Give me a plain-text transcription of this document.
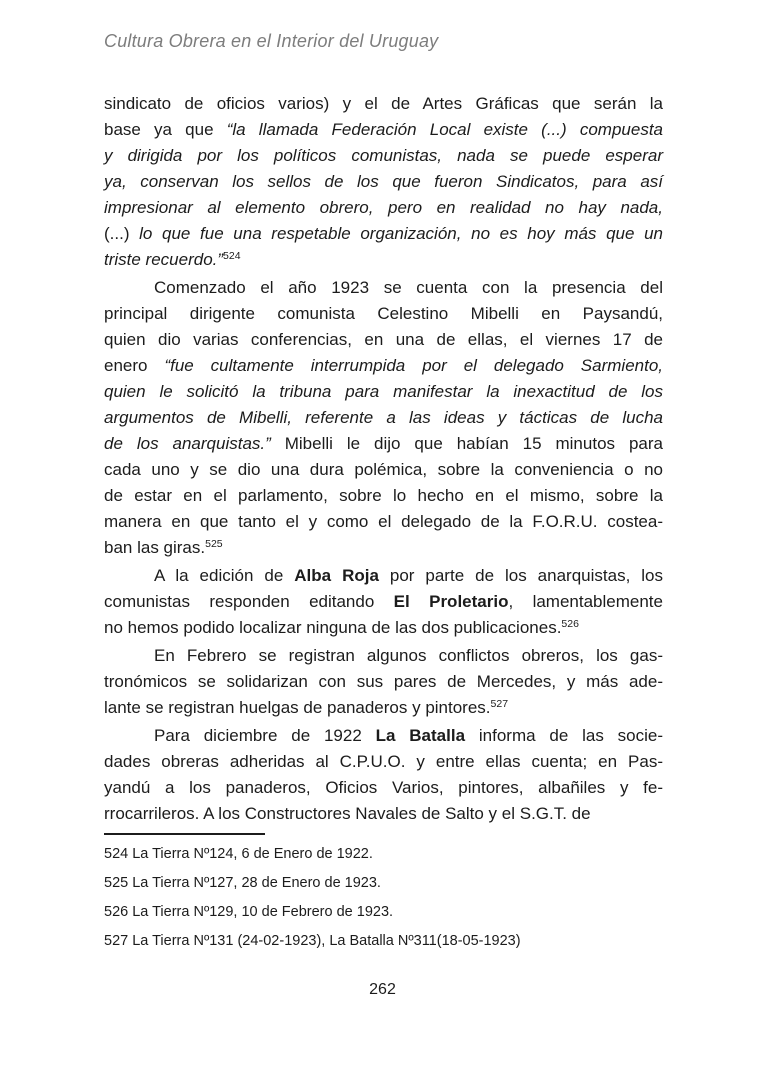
Cultura Obrera en el Interior del Uruguay
sindicato de oficios varios) y el de Artes Gráficas que serán la
base ya que “la llamada Federación Local existe (...) compuesta
y dirigida por los políticos comunistas, nada se puede esperar
ya, conservan los sellos de los que fueron Sindicatos, para así
impresionar al elemento obrero, pero en realidad no hay nada,
(...) lo que fue una respetable organización, no es hoy más que un
triste recuerdo.”$^{524}$
Comenzado el año 1923 se cuenta con la presencia del
principal dirigente comunista Celestino Mibelli en Paysandú,
quien dio varias conferencias, en una de ellas, el viernes 17 de
enero “fue cultamente interrumpida por el delegado Sarmiento,
quien le solicitó la tribuna para manifestar la inexactitud de los
argumentos de Mibelli, referente a las ideas y tácticas de lucha
de los anarquistas.” Mibelli le dijo que habían 15 minutos para
cada uno y se dio una dura polémica, sobre la conveniencia o no
de estar en el parlamento, sobre lo hecho en el mismo, sobre la
manera en que tanto el y como el delegado de la F.O.R.U. costea-
ban las giras.$^{525}$
A la edición de Alba Roja por parte de los anarquistas, los
comunistas responden editando El Proletario, lamentablemente
no hemos podido localizar ninguna de las dos publicaciones.$^{526}$
En Febrero se registran algunos conflictos obreros, los gas-
tronómicos se solidarizan con sus pares de Mercedes, y más ade-
lante se registran huelgas de panaderos y pintores.$^{527}$
Para diciembre de 1922 La Batalla informa de las socie-
dades obreras adheridas al C.P.U.O. y entre ellas cuenta; en Pas-
yandú a los panaderos, Oficios Varios, pintores, albañiles y fe-
rrocarrileros. A los Constructores Navales de Salto y el S.G.T. de
524 La Tierra Nº124, 6 de Enero de 1922.
525 La Tierra Nº127, 28 de Enero de 1923.
526 La Tierra Nº129, 10 de Febrero de 1923.
527 La Tierra Nº131 (24-02-1923), La Batalla Nº311(18-05-1923)
262
